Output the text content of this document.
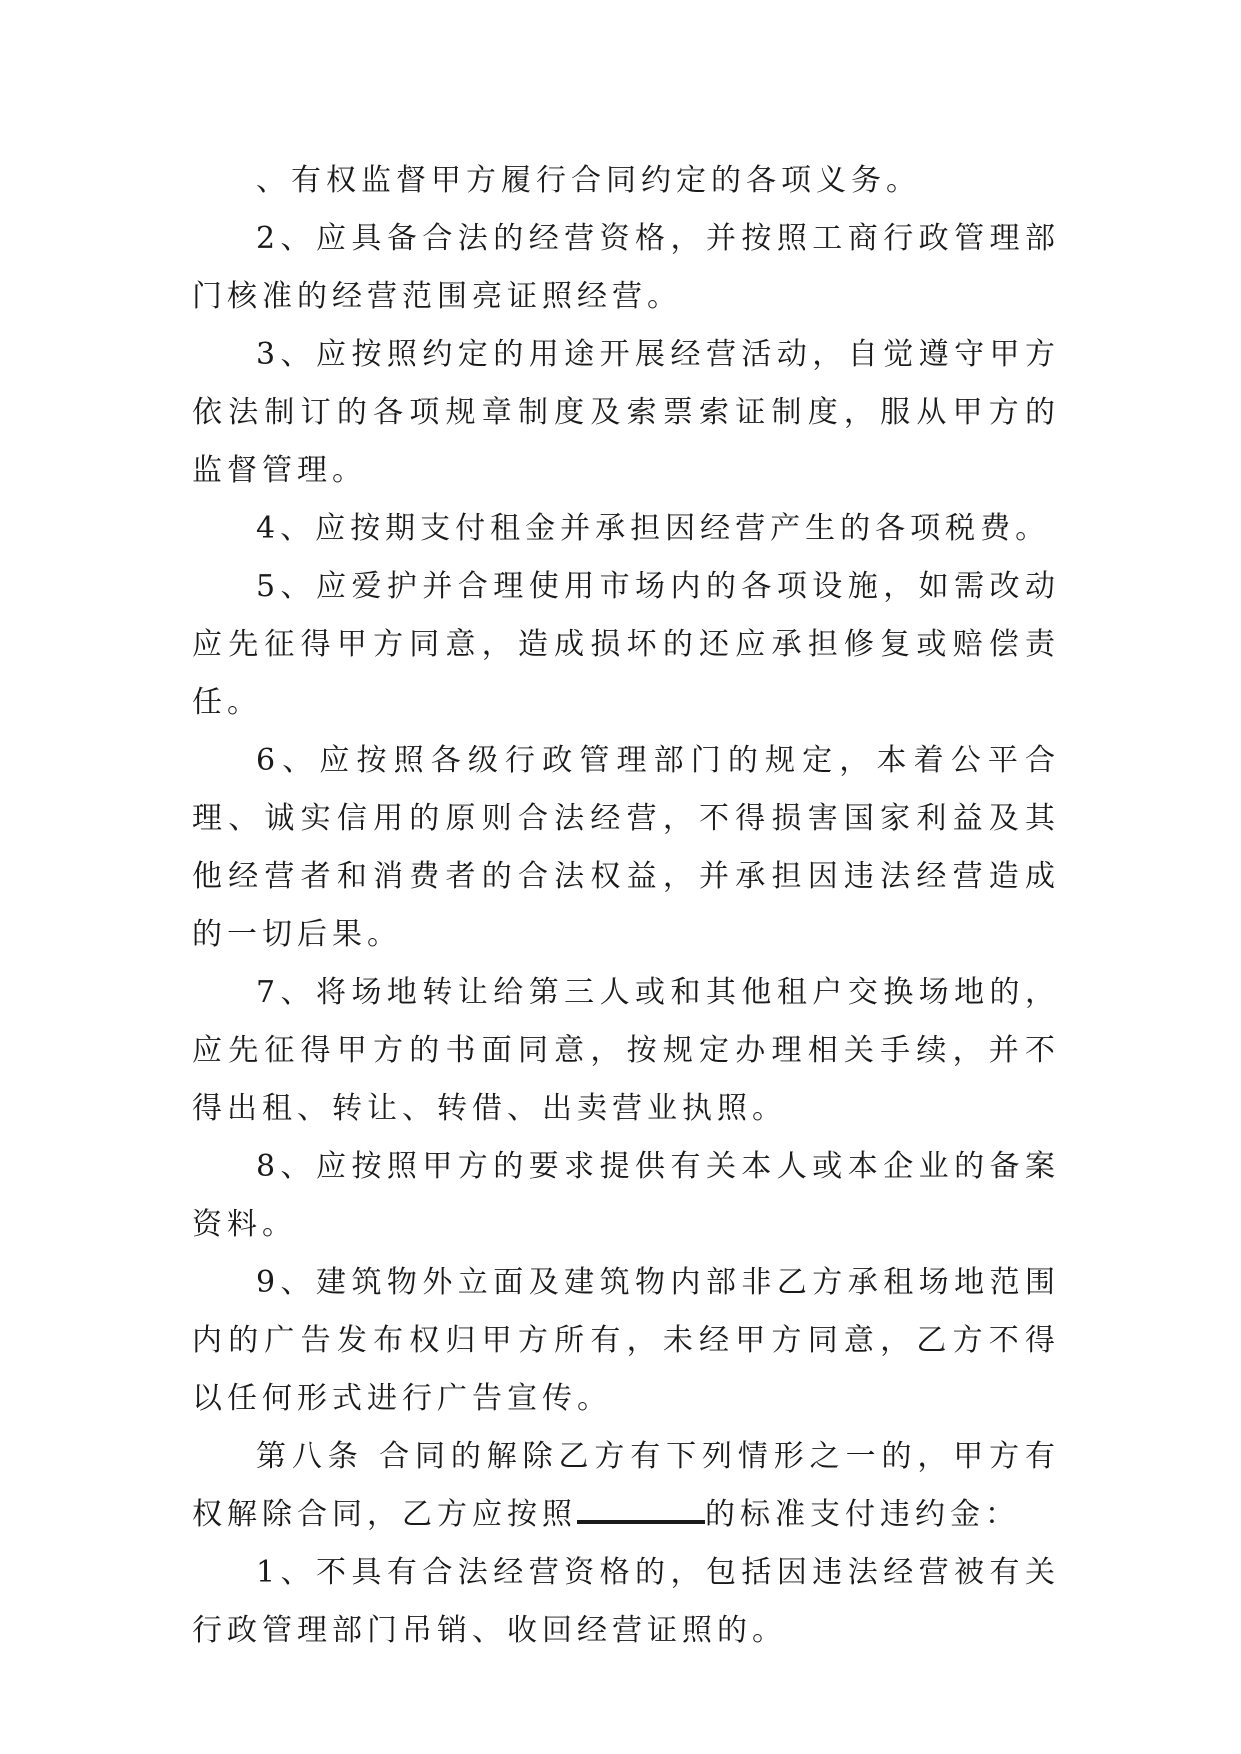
、有权监督甲方履行合同约定的各项义务。

2、应具备合法的经营资格，并按照工商行政管理部门核准的经营范围亮证照经营。

3、应按照约定的用途开展经营活动，自觉遵守甲方依法制订的各项规章制度及索票索证制度，服从甲方的监督管理。

4、应按期支付租金并承担因经营产生的各项税费。

5、应爱护并合理使用市场内的各项设施，如需改动应先征得甲方同意，造成损坏的还应承担修复或赔偿责任。

6、应按照各级行政管理部门的规定，本着公平合理、诚实信用的原则合法经营，不得损害国家利益及其他经营者和消费者的合法权益，并承担因违法经营造成的一切后果。

7、将场地转让给第三人或和其他租户交换场地的，应先征得甲方的书面同意，按规定办理相关手续，并不得出租、转让、转借、出卖营业执照。

8、应按照甲方的要求提供有关本人或本企业的备案资料。

9、建筑物外立面及建筑物内部非乙方承租场地范围内的广告发布权归甲方所有，未经甲方同意，乙方不得以任何形式进行广告宣传。

第八条 合同的解除乙方有下列情形之一的，甲方有权解除合同，乙方应按照	的标准支付违约金：

1、不具有合法经营资格的，包括因违法经营被有关行政管理部门吊销、收回经营证照的。
